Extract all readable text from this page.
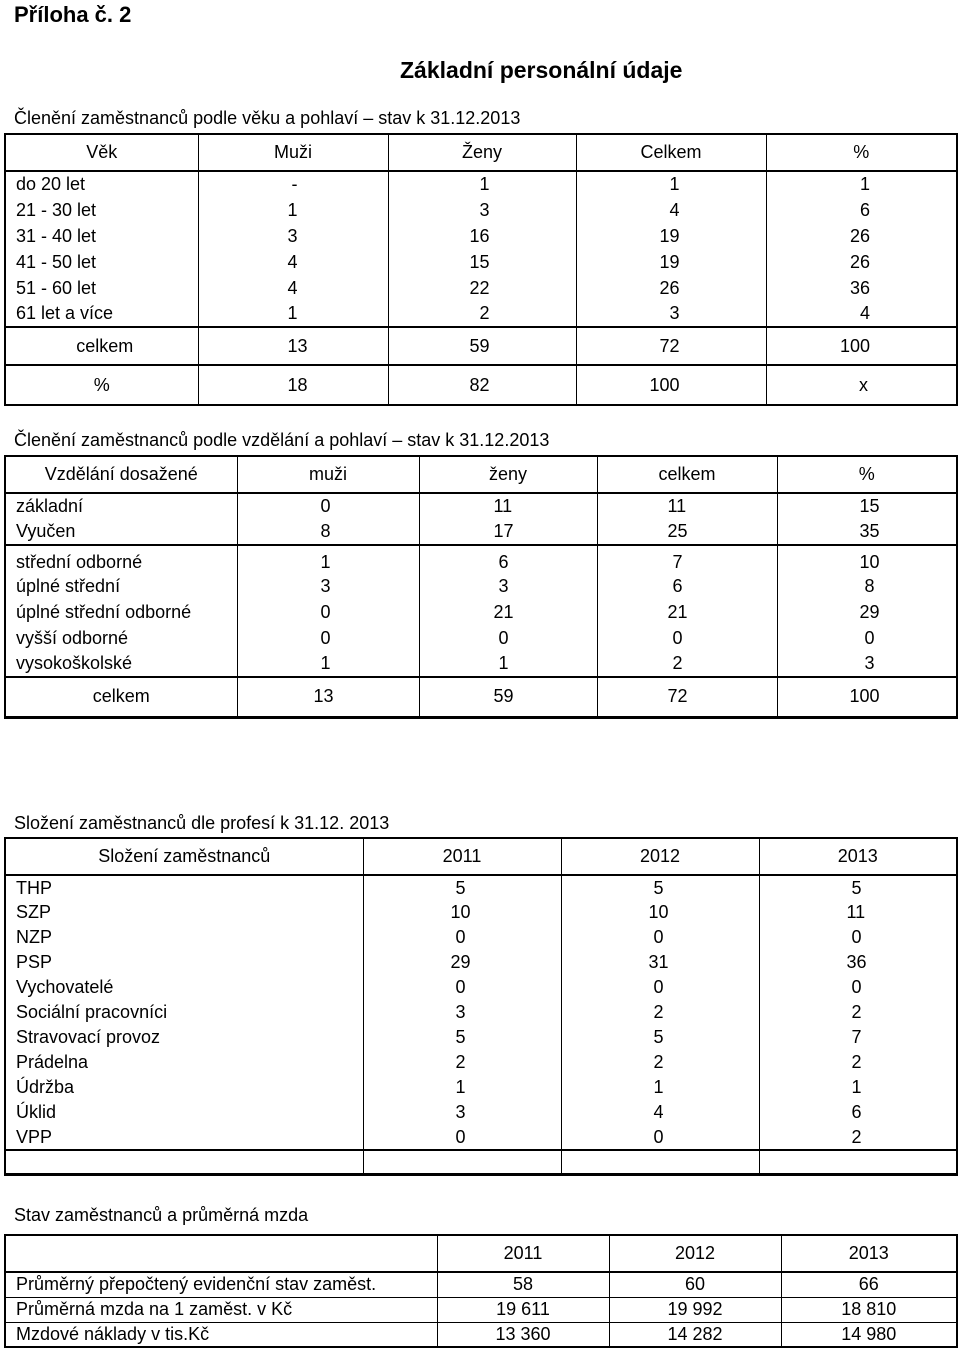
Příloha č. 2
Základní personální údaje
Členění zaměstnanců podle věku a pohlaví – stav k 31.12.2013
Věk	Muži	Ženy	Celkem	%
do 20 let	-	1	1	1
21 - 30 let	1	3	4	6
31 - 40 let	3	16	19	26
41 - 50 let	4	15	19	26
51 - 60 let	4	22	26	36
61 let a více	1	2	3	4
celkem	13	59	72	100
%	18	82	100	x
Členění zaměstnanců podle vzdělání a pohlaví – stav k 31.12.2013
Vzdělání dosažené	muži	ženy	celkem	%
základní	0	11	11	15
Vyučen	8	17	25	35
střední odborné	1	6	7	10
úplné střední	3	3	6	8
úplné střední odborné	0	21	21	29
vyšší odborné	0	0	0	0
vysokoškolské	1	1	2	3
celkem	13	59	72	100
Složení zaměstnanců dle profesí k 31.12. 2013
Složení zaměstnanců	2011	2012	2013
THP	5	5	5
SZP	10	10	11
NZP	0	0	0
PSP	29	31	36
Vychovatelé	0	0	0
Sociální pracovníci	3	2	2
Stravovací provoz	5	5	7
Prádelna	2	2	2
Údržba	1	1	1
Úklid	3	4	6
VPP	0	0	2

Stav zaměstnanců a průměrná mzda
	2011	2012	2013
Průměrný přepočtený evidenční stav zaměst.	58	60	66
Průměrná mzda na 1 zaměst. v Kč	19 611	19 992	18 810
Mzdové náklady v tis.Kč	13 360	14 282	14 980
